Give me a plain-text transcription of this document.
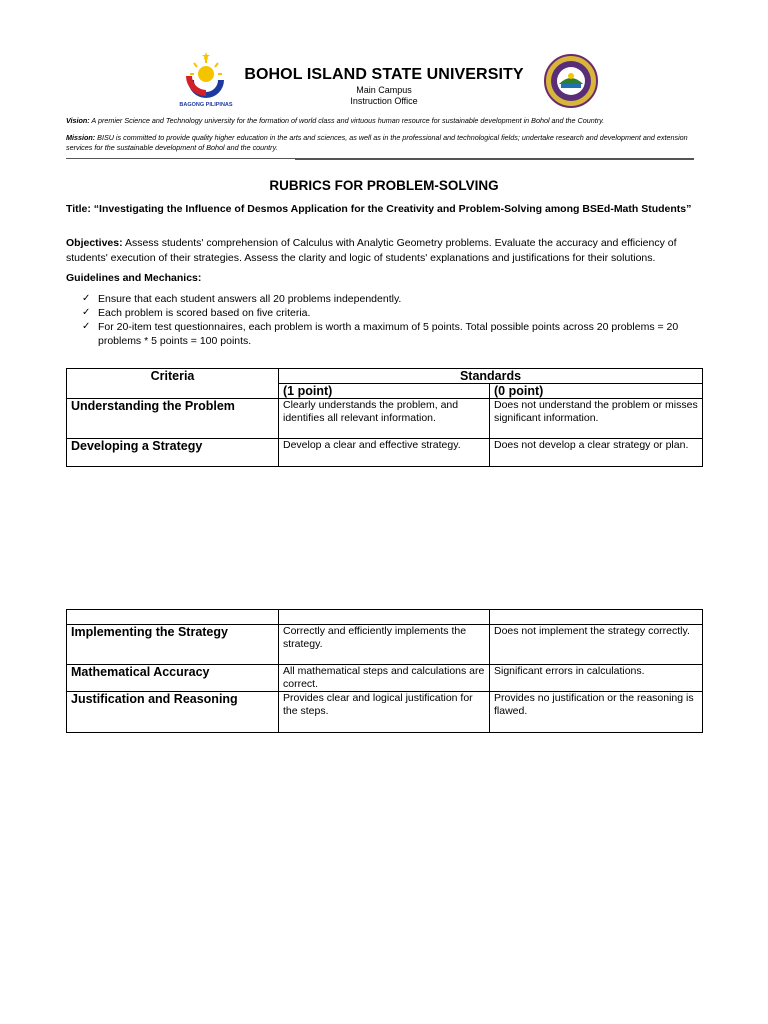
BAGONG PILIPINAS
BOHOL ISLAND STATE UNIVERSITY
Main Campus
Instruction Office
Vision: A premier Science and Technology university for the formation of world class and virtuous human resource for sustainable development in Bohol and the Country.
Mission: BISU is committed to provide quality higher education in the arts and sciences, as well as in the professional and technological fields; undertake research and development and extension services for the sustainable development of Bohol and the country.
RUBRICS FOR PROBLEM-SOLVING
Title: “Investigating the Influence of Desmos Application for the Creativity and Problem-Solving among BSEd-Math Students”
Objectives: Assess students' comprehension of Calculus with Analytic Geometry problems. Evaluate the accuracy and efficiency of students' execution of their strategies. Assess the clarity and logic of students' explanations and justifications for their solutions.
Guidelines and Mechanics:
✓ Ensure that each student answers all 20 problems independently.
✓ Each problem is scored based on five criteria.
✓ For 20-item test questionnaires, each problem is worth a maximum of 5 points. Total possible points across 20 problems = 20 problems * 5 points = 100 points.
Criteria	Standards	
	(1 point)	(0 point)
Understanding the Problem	Clearly understands the problem, and identifies all relevant information.	Does not understand the problem or misses significant information.
Developing a Strategy	Develop a clear and effective strategy.	Does not develop a clear strategy or plan.

Implementing the Strategy	Correctly and efficiently implements the strategy.	Does not implement the strategy correctly.
Mathematical Accuracy	All mathematical steps and calculations are correct.	Significant errors in calculations.
Justification and Reasoning	Provides clear and logical justification for the steps.	Provides no justification or the reasoning is flawed.
